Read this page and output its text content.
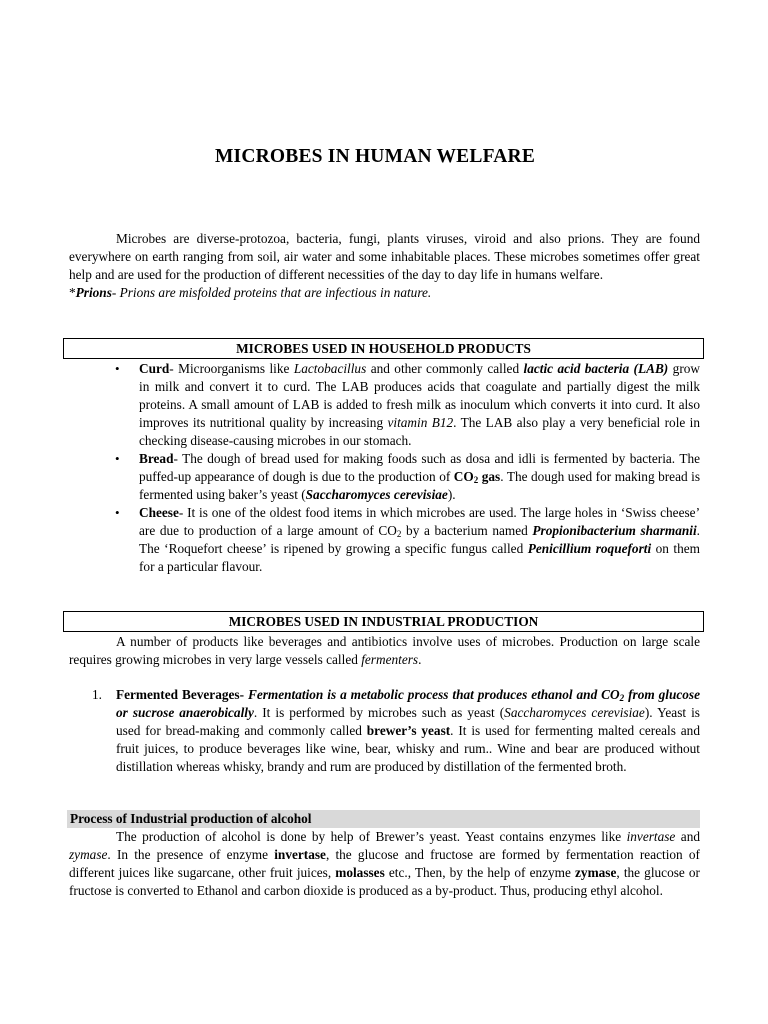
MICROBES IN HUMAN WELFARE
Microbes are diverse-protozoa, bacteria, fungi, plants viruses, viroid and also prions. They are found everywhere on earth ranging from soil, air water and some inhabitable places. These microbes sometimes offer great help and are used for the production of different necessities of the day to day life in humans welfare.
*Prions- Prions are misfolded proteins that are infectious in nature.
MICROBES USED IN HOUSEHOLD PRODUCTS
• Curd- Microorganisms like Lactobacillus and other commonly called lactic acid bacteria (LAB) grow in milk and convert it to curd. The LAB produces acids that coagulate and partially digest the milk proteins. A small amount of LAB is added to fresh milk as inoculum which converts it into curd. It also improves its nutritional quality by increasing vitamin B12. The LAB also play a very beneficial role in checking disease-causing microbes in our stomach.
• Bread- The dough of bread used for making foods such as dosa and idli is fermented by bacteria. The puffed-up appearance of dough is due to the production of $CO_2$ gas. The dough used for making bread is fermented using baker’s yeast (Saccharomyces cerevisiae).
• Cheese- It is one of the oldest food items in which microbes are used. The large holes in ‘Swiss cheese’ are due to production of a large amount of $CO_2$ by a bacterium named Propionibacterium sharmanii. The ‘Roquefort cheese’ is ripened by growing a specific fungus called Penicillium roqueforti on them for a particular flavour.
MICROBES USED IN INDUSTRIAL PRODUCTION
A number of products like beverages and antibiotics involve uses of microbes. Production on large scale requires growing microbes in very large vessels called fermenters.
1. Fermented Beverages- Fermentation is a metabolic process that produces ethanol and $CO_2$ from glucose or sucrose anaerobically. It is performed by microbes such as yeast (Saccharomyces cerevisiae). Yeast is used for bread-making and commonly called brewer’s yeast. It is used for fermenting malted cereals and fruit juices, to produce beverages like wine, bear, whisky and rum.. Wine and bear are produced without distillation whereas whisky, brandy and rum are produced by distillation of the fermented broth.
Process of Industrial production of alcohol
The production of alcohol is done by help of Brewer’s yeast. Yeast contains enzymes like invertase and zymase. In the presence of enzyme invertase, the glucose and fructose are formed by fermentation reaction of different juices like sugarcane, other fruit juices, molasses etc., Then, by the help of enzyme zymase, the glucose or fructose is converted to Ethanol and carbon dioxide is produced as a by-product. Thus, producing ethyl alcohol.
